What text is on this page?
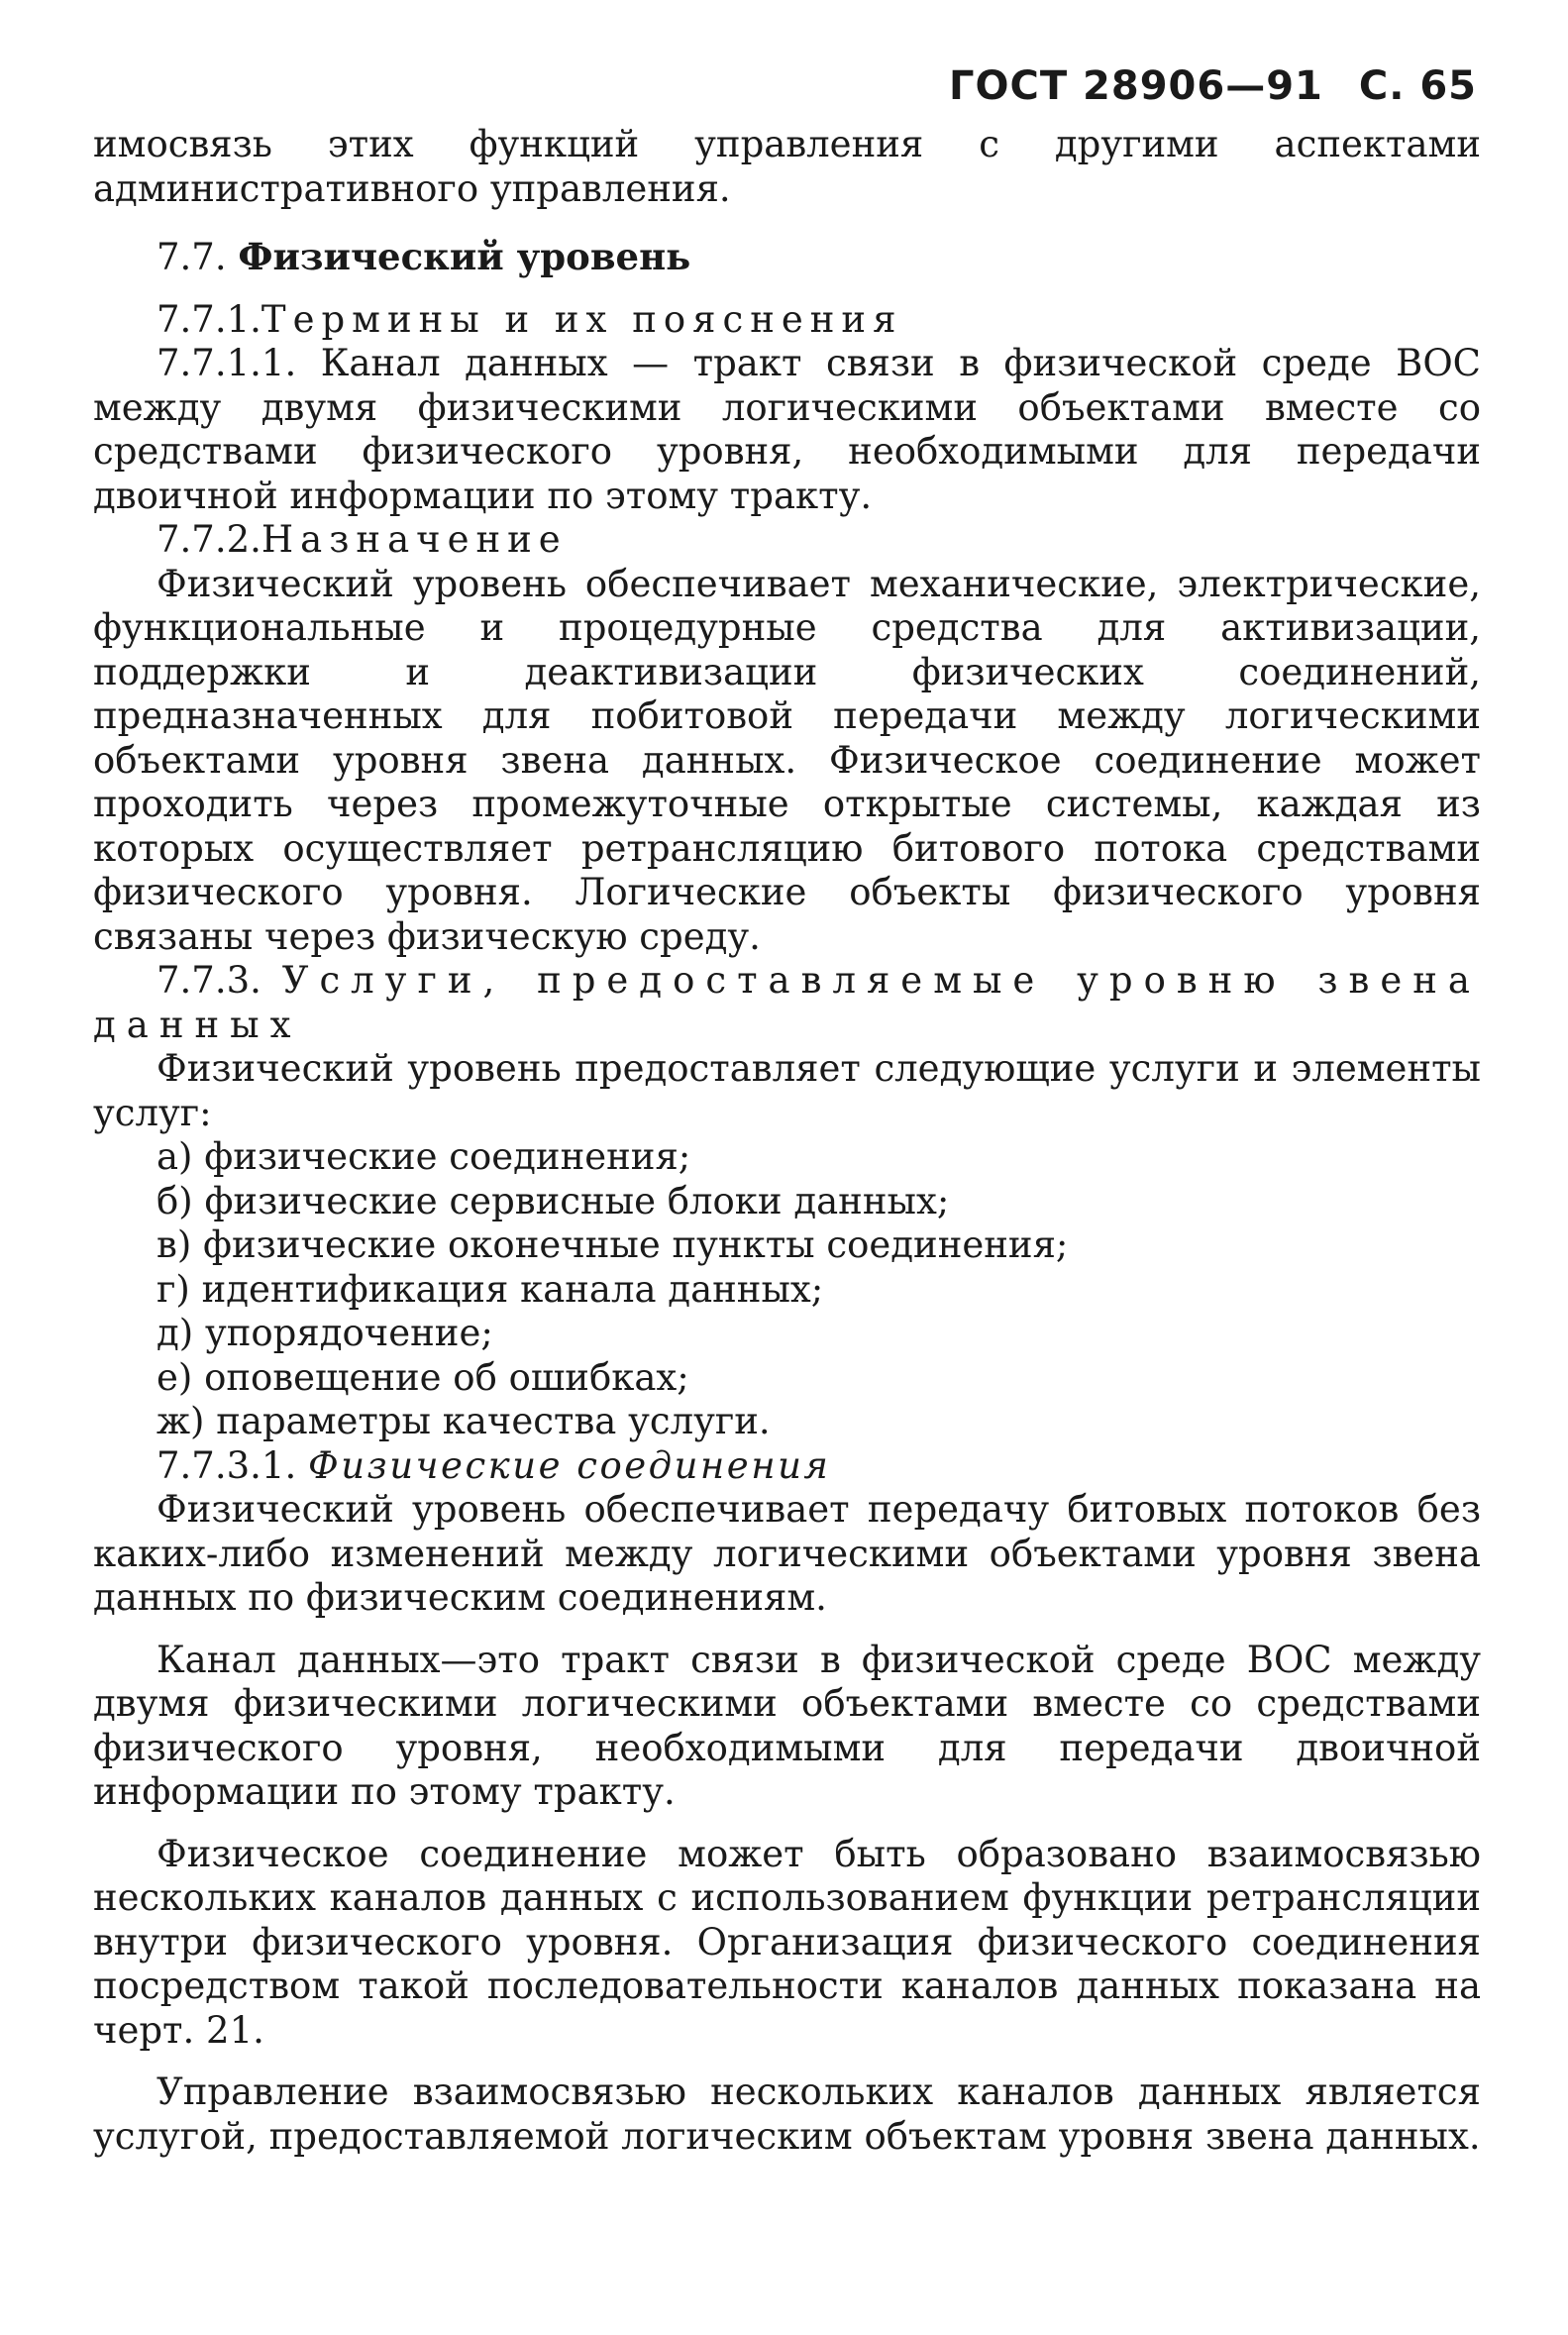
ГОСТ 28906—91 С. 65

имосвязь этих функций управления с другими аспектами административного управления.

7.7. Физический уровень

7.7.1.Термины и их пояснения

7.7.1.1. Канал данных — тракт связи в физической среде ВОС между двумя физическими логическими объектами вместе со средствами физического уровня, необходимыми для передачи двоичной информации по этому тракту.

7.7.2.Назначение

Физический уровень обеспечивает механические, электрические, функциональные и процедурные средства для активизации, поддержки и деактивизации физических соединений, предназначенных для побитовой передачи между логическими объектами уровня звена данных. Физическое соединение может проходить через промежуточные открытые системы, каждая из которых осуществляет ретрансляцию битового потока средствами физического уровня. Логические объекты физического уровня связаны через физическую среду.

7.7.3. Услуги, предоставляемые уровню звена данных

Физический уровень предоставляет следующие услуги и элементы услуг:

а) физические соединения;

б) физические сервисные блоки данных;

в) физические оконечные пункты соединения;

г) идентификация канала данных;

д) упорядочение;

е) оповещение об ошибках;

ж) параметры качества услуги.

7.7.3.1. Физические соединения

Физический уровень обеспечивает передачу битовых потоков без каких-либо изменений между логическими объектами уровня звена данных по физическим соединениям.

Канал данных—это тракт связи в физической среде ВОС между двумя физическими логическими объектами вместе со средствами физического уровня, необходимыми для передачи двоичной информации по этому тракту.

Физическое соединение может быть образовано взаимосвязью нескольких каналов данных с использованием функции ретрансляции внутри физического уровня. Организация физического соединения посредством такой последовательности каналов данных показана на черт. 21.

Управление взаимосвязью нескольких каналов данных является услугой, предоставляемой логическим объектам уровня звена данных.
